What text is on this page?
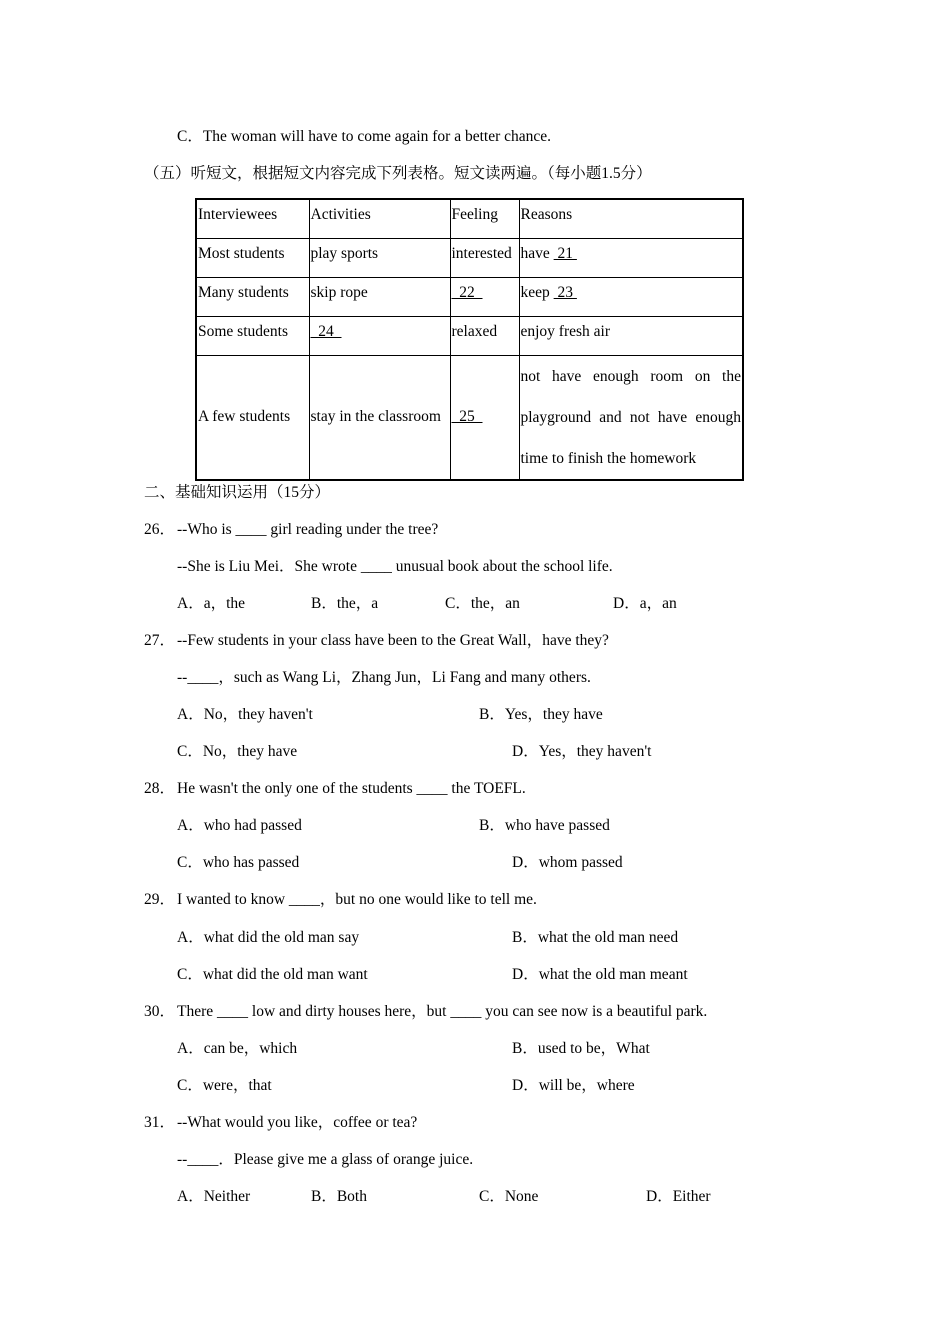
C．The woman will have to come again for a better chance.
（五）听短文，根据短文内容完成下列表格。短文读两遍。（每小题1.5分）
Interviewees	Activities	Feeling	Reasons
Most students	play sports	interested	have  21
Many students	skip rope	22	keep  23
Some students	24	relaxed	enjoy fresh air
A few students	stay in the classroom	25	not have enough room on the
playground and not have enough
time to finish the homework
二、基础知识运用（15分）
26． --Who is ____ girl reading under the tree?
--She is Liu Mei．She wrote ____ unusual book about the school life.
A．a，the	B．the，a	C．the，an	D．a，an
27． --Few students in your class have been to the Great Wall，have they?
--____，such as Wang Li，Zhang Jun，Li Fang and many others.
A．No，they haven't	B．Yes，they have
C．No，they have	D．Yes，they haven't
28． He wasn't the only one of the students ____ the TOEFL.
A．who had passed	B．who have passed
C．who has passed	D．whom passed
29． I wanted to know ____，but no one would like to tell me.
A．what did the old man say	B．what the old man need
C．what did the old man want	D．what the old man meant
30． There ____ low and dirty houses here，but ____ you can see now is a beautiful park.
A．can be，which	B．used to be，What
C．were，that	D．will be，where
31． --What would you like，coffee or tea?
--____．Please give me a glass of orange juice.
A．Neither	B．Both	C．None	D．Either
